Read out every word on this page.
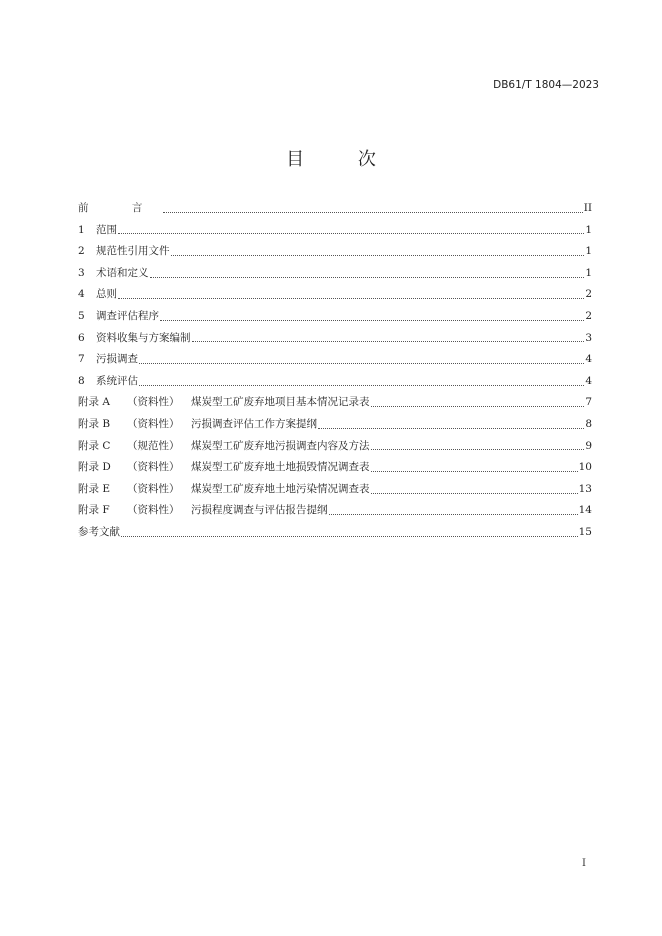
DB61/T 1804—2023
目 次
前 言	II
1	范围	1
2	规范性引用文件	1
3	术语和定义	1
4	总则	2
5	调查评估程序	2
6	资料收集与方案编制	3
7	污损调查	4
8	系统评估	4
附录 A	（资料性）	煤炭型工矿废弃地项目基本情况记录表	7
附录 B	（资料性）	污损调查评估工作方案提纲	8
附录 C	（规范性）	煤炭型工矿废弃地污损调查内容及方法	9
附录 D	（资料性）	煤炭型工矿废弃地土地损毁情况调查表	10
附录 E	（资料性）	煤炭型工矿废弃地土地污染情况调查表	13
附录 F	（资料性）	污损程度调查与评估报告提纲	14
参考文献	15
I
